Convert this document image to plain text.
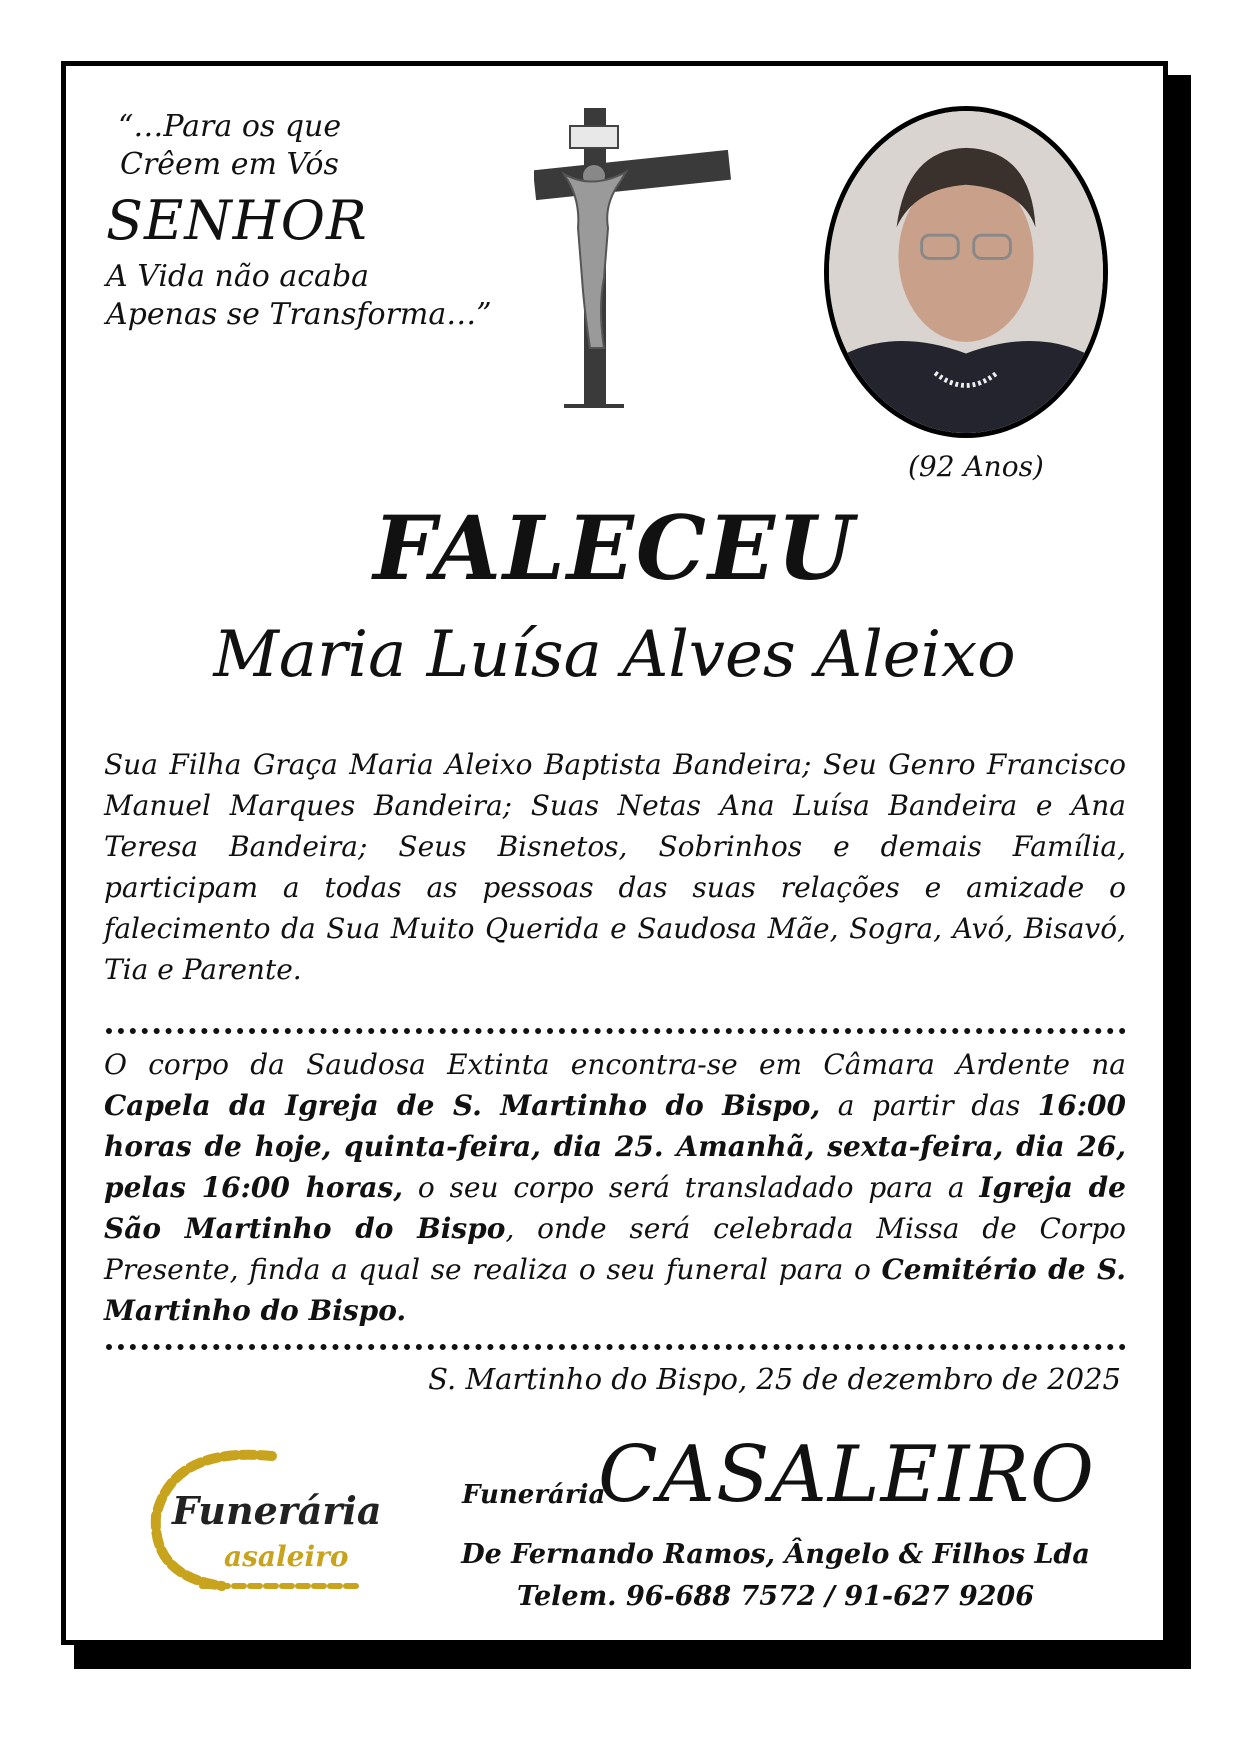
“…Para os que
Crêem em Vós
SENHOR
A Vida não acaba
Apenas se Transforma…”
(92 Anos)
FALECEU
Maria Luísa Alves Aleixo
Sua Filha Graça Maria Aleixo Baptista Bandeira; Seu Genro Francisco Manuel Marques Bandeira; Suas Netas Ana Luísa Bandeira e Ana Teresa Bandeira; Seus Bisnetos, Sobrinhos e demais Família, participam a todas as pessoas das suas relações e amizade o falecimento da Sua Muito Querida e Saudosa Mãe, Sogra, Avó, Bisavó, Tia e Parente.
O corpo da Saudosa Extinta encontra-se em Câmara Ardente na Capela da Igreja de S. Martinho do Bispo, a partir das 16:00 horas de hoje, quinta-feira, dia 25. Amanhã, sexta-feira, dia 26, pelas 16:00 horas, o seu corpo será transladado para a Igreja de São Martinho do Bispo, onde será celebrada Missa de Corpo Presente, finda a qual se realiza o seu funeral para o Cemitério de S. Martinho do Bispo.
S. Martinho do Bispo, 25 de dezembro de 2025
Funerária
asaleiro
Funerária
CASALEIRO
De Fernando Ramos, Ângelo & Filhos Lda
Telem. 96-688 7572 / 91-627 9206
